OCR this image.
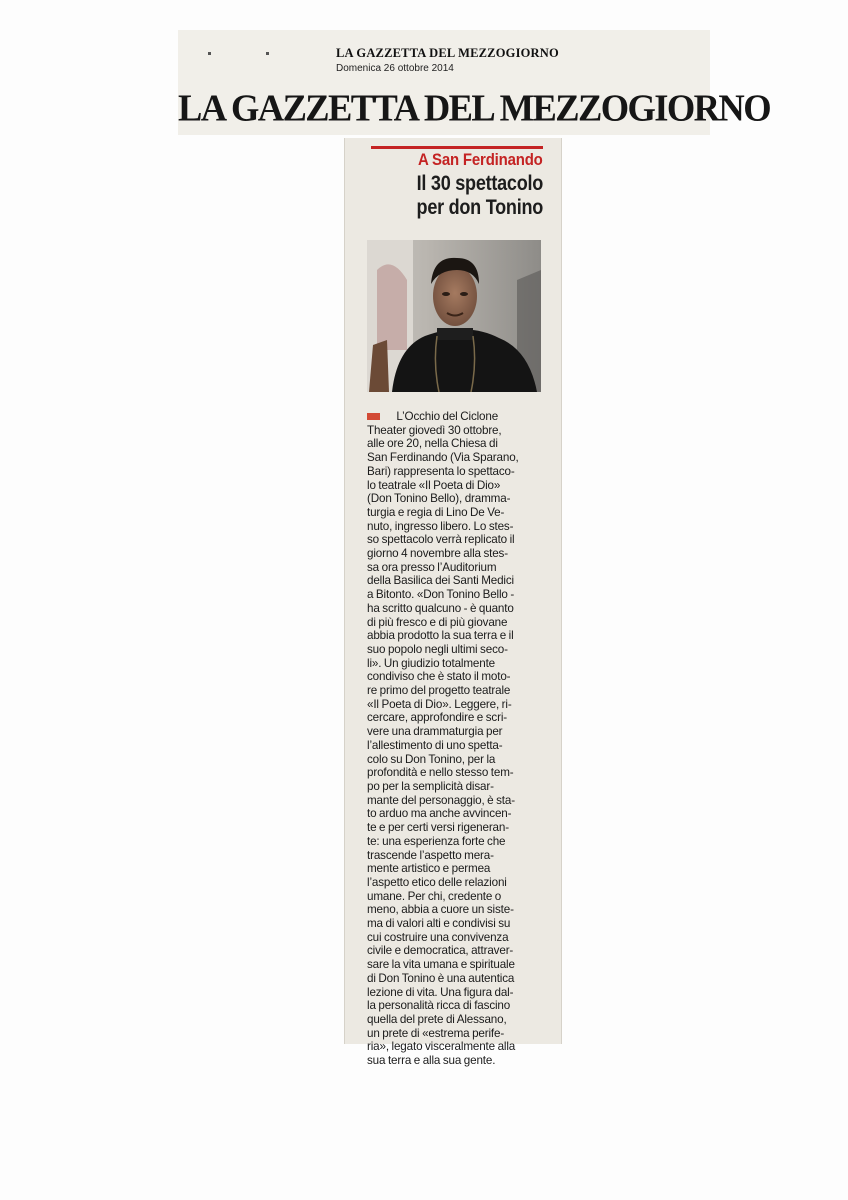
LA GAZZETTA DEL MEZZOGIORNO
Domenica 26 ottobre 2014
LA GAZZETTA DEL MEZZOGIORNO
A San Ferdinando
Il 30 spettacolo
per don Tonino
L’Occhio del Ciclone
Theater giovedì 30 ottobre,
alle ore 20, nella Chiesa di
San Ferdinando (Via Sparano,
Bari) rappresenta lo spettaco-
lo teatrale «Il Poeta di Dio»
(Don Tonino Bello), dramma-
turgia e regia di Lino De Ve-
nuto, ingresso libero. Lo stes-
so spettacolo verrà replicato il
giorno 4 novembre alla stes-
sa ora presso l’Auditorium
della Basilica dei Santi Medici
a Bitonto. «Don Tonino Bello -
ha scritto qualcuno - è quanto
di più fresco e di più giovane
abbia prodotto la sua terra e il
suo popolo negli ultimi seco-
li». Un giudizio totalmente
condiviso che è stato il moto-
re primo del progetto teatrale
«Il Poeta di Dio». Leggere, ri-
cercare, approfondire e scri-
vere una drammaturgia per
l’allestimento di uno spetta-
colo su Don Tonino, per la
profondità e nello stesso tem-
po per la semplicità disar-
mante del personaggio, è sta-
to arduo ma anche avvincen-
te e per certi versi rigeneran-
te: una esperienza forte che
trascende l’aspetto mera-
mente artistico e permea
l’aspetto etico delle relazioni
umane. Per chi, credente o
meno, abbia a cuore un siste-
ma di valori alti e condivisi su
cui costruire una convivenza
civile e democratica, attraver-
sare la vita umana e spirituale
di Don Tonino è una autentica
lezione di vita. Una figura dal-
la personalità ricca di fascino
quella del prete di Alessano,
un prete di «estrema perife-
ria», legato visceralmente alla
sua terra e alla sua gente.
